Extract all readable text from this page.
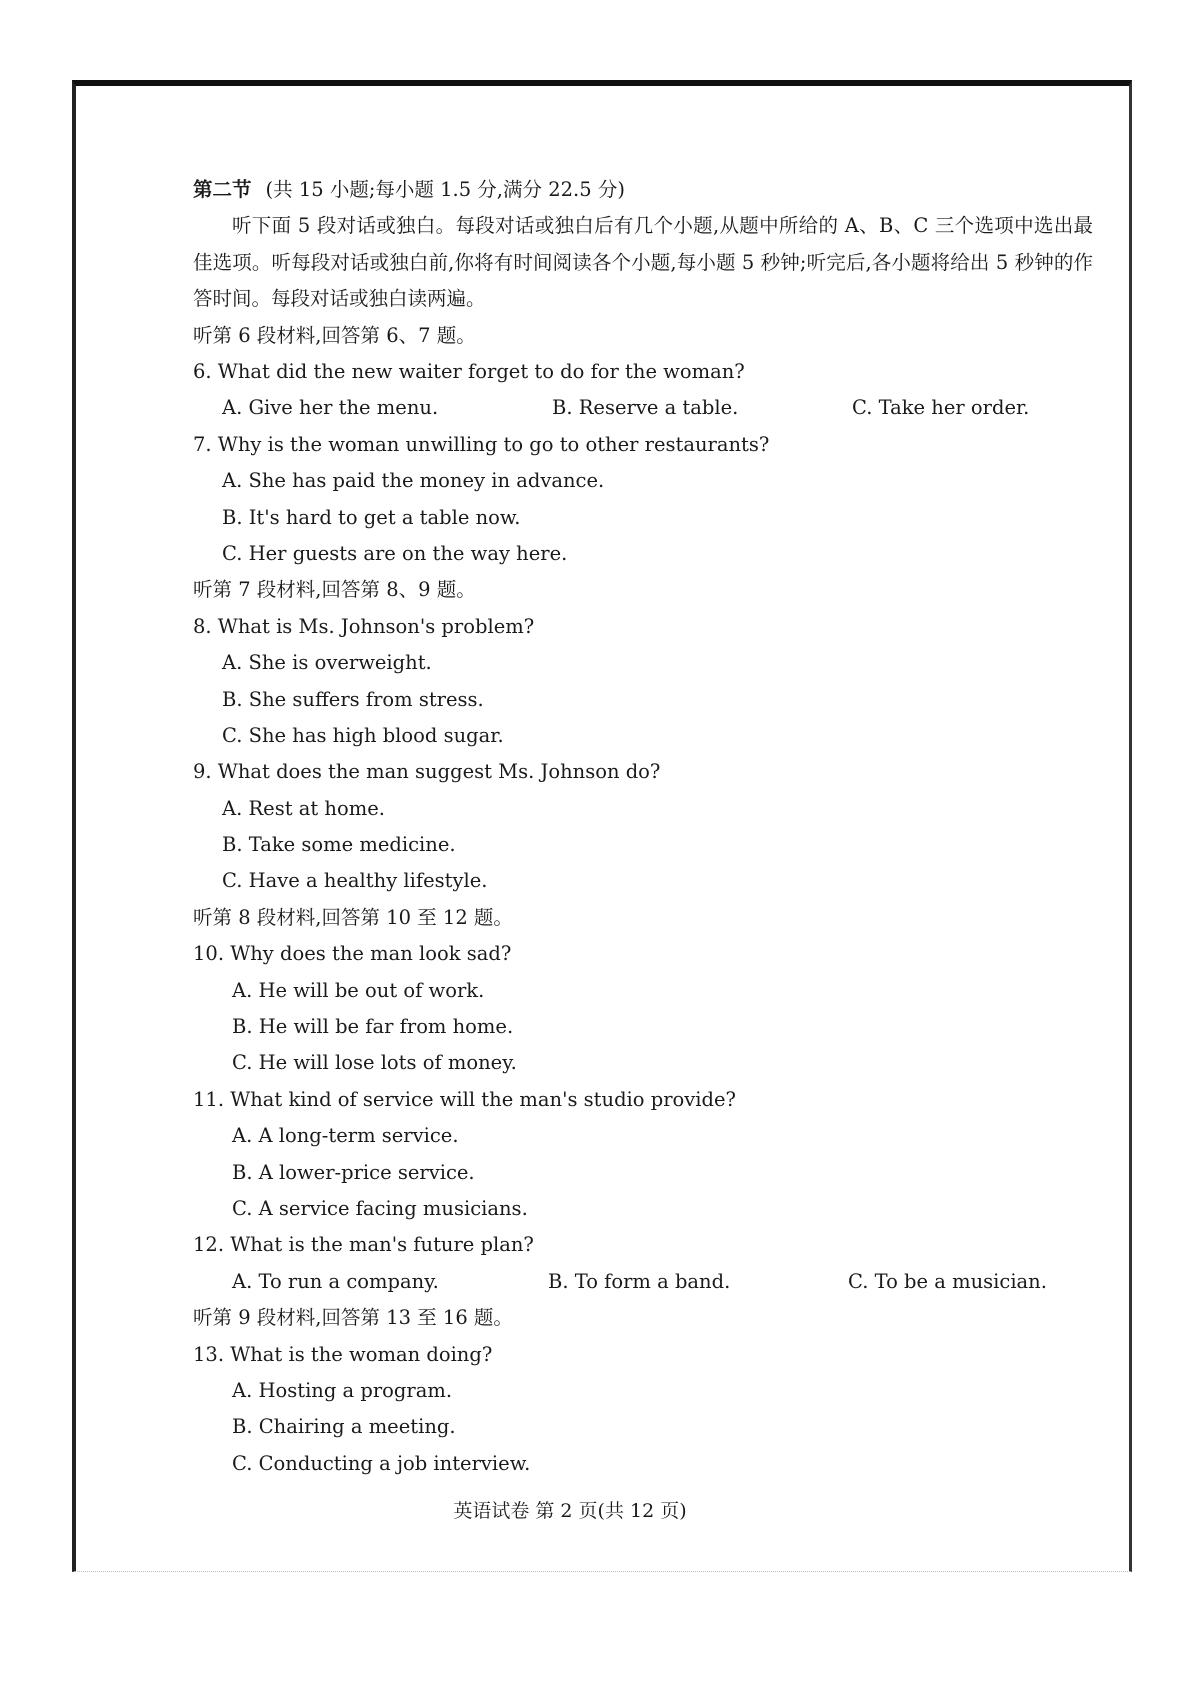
第二节 (共 15 小题;每小题 1.5 分,满分 22.5 分)
听下面 5 段对话或独白。每段对话或独白后有几个小题,从题中所给的 A、B、C 三个选项中选出最佳选项。听每段对话或独白前,你将有时间阅读各个小题,每小题 5 秒钟;听完后,各小题将给出 5 秒钟的作答时间。每段对话或独白读两遍。
听第 6 段材料,回答第 6、7 题。
6. What did the new waiter forget to do for the woman?
A. Give her the menu.	B. Reserve a table.	C. Take her order.
7. Why is the woman unwilling to go to other restaurants?
A. She has paid the money in advance.
B. It's hard to get a table now.
C. Her guests are on the way here.
听第 7 段材料,回答第 8、9 题。
8. What is Ms. Johnson's problem?
A. She is overweight.
B. She suffers from stress.
C. She has high blood sugar.
9. What does the man suggest Ms. Johnson do?
A. Rest at home.
B. Take some medicine.
C. Have a healthy lifestyle.
听第 8 段材料,回答第 10 至 12 题。
10. Why does the man look sad?
A. He will be out of work.
B. He will be far from home.
C. He will lose lots of money.
11. What kind of service will the man's studio provide?
A. A long-term service.
B. A lower-price service.
C. A service facing musicians.
12. What is the man's future plan?
A. To run a company.	B. To form a band.	C. To be a musician.
听第 9 段材料,回答第 13 至 16 题。
13. What is the woman doing?
A. Hosting a program.
B. Chairing a meeting.
C. Conducting a job interview.
英语试卷 第 2 页(共 12 页)
